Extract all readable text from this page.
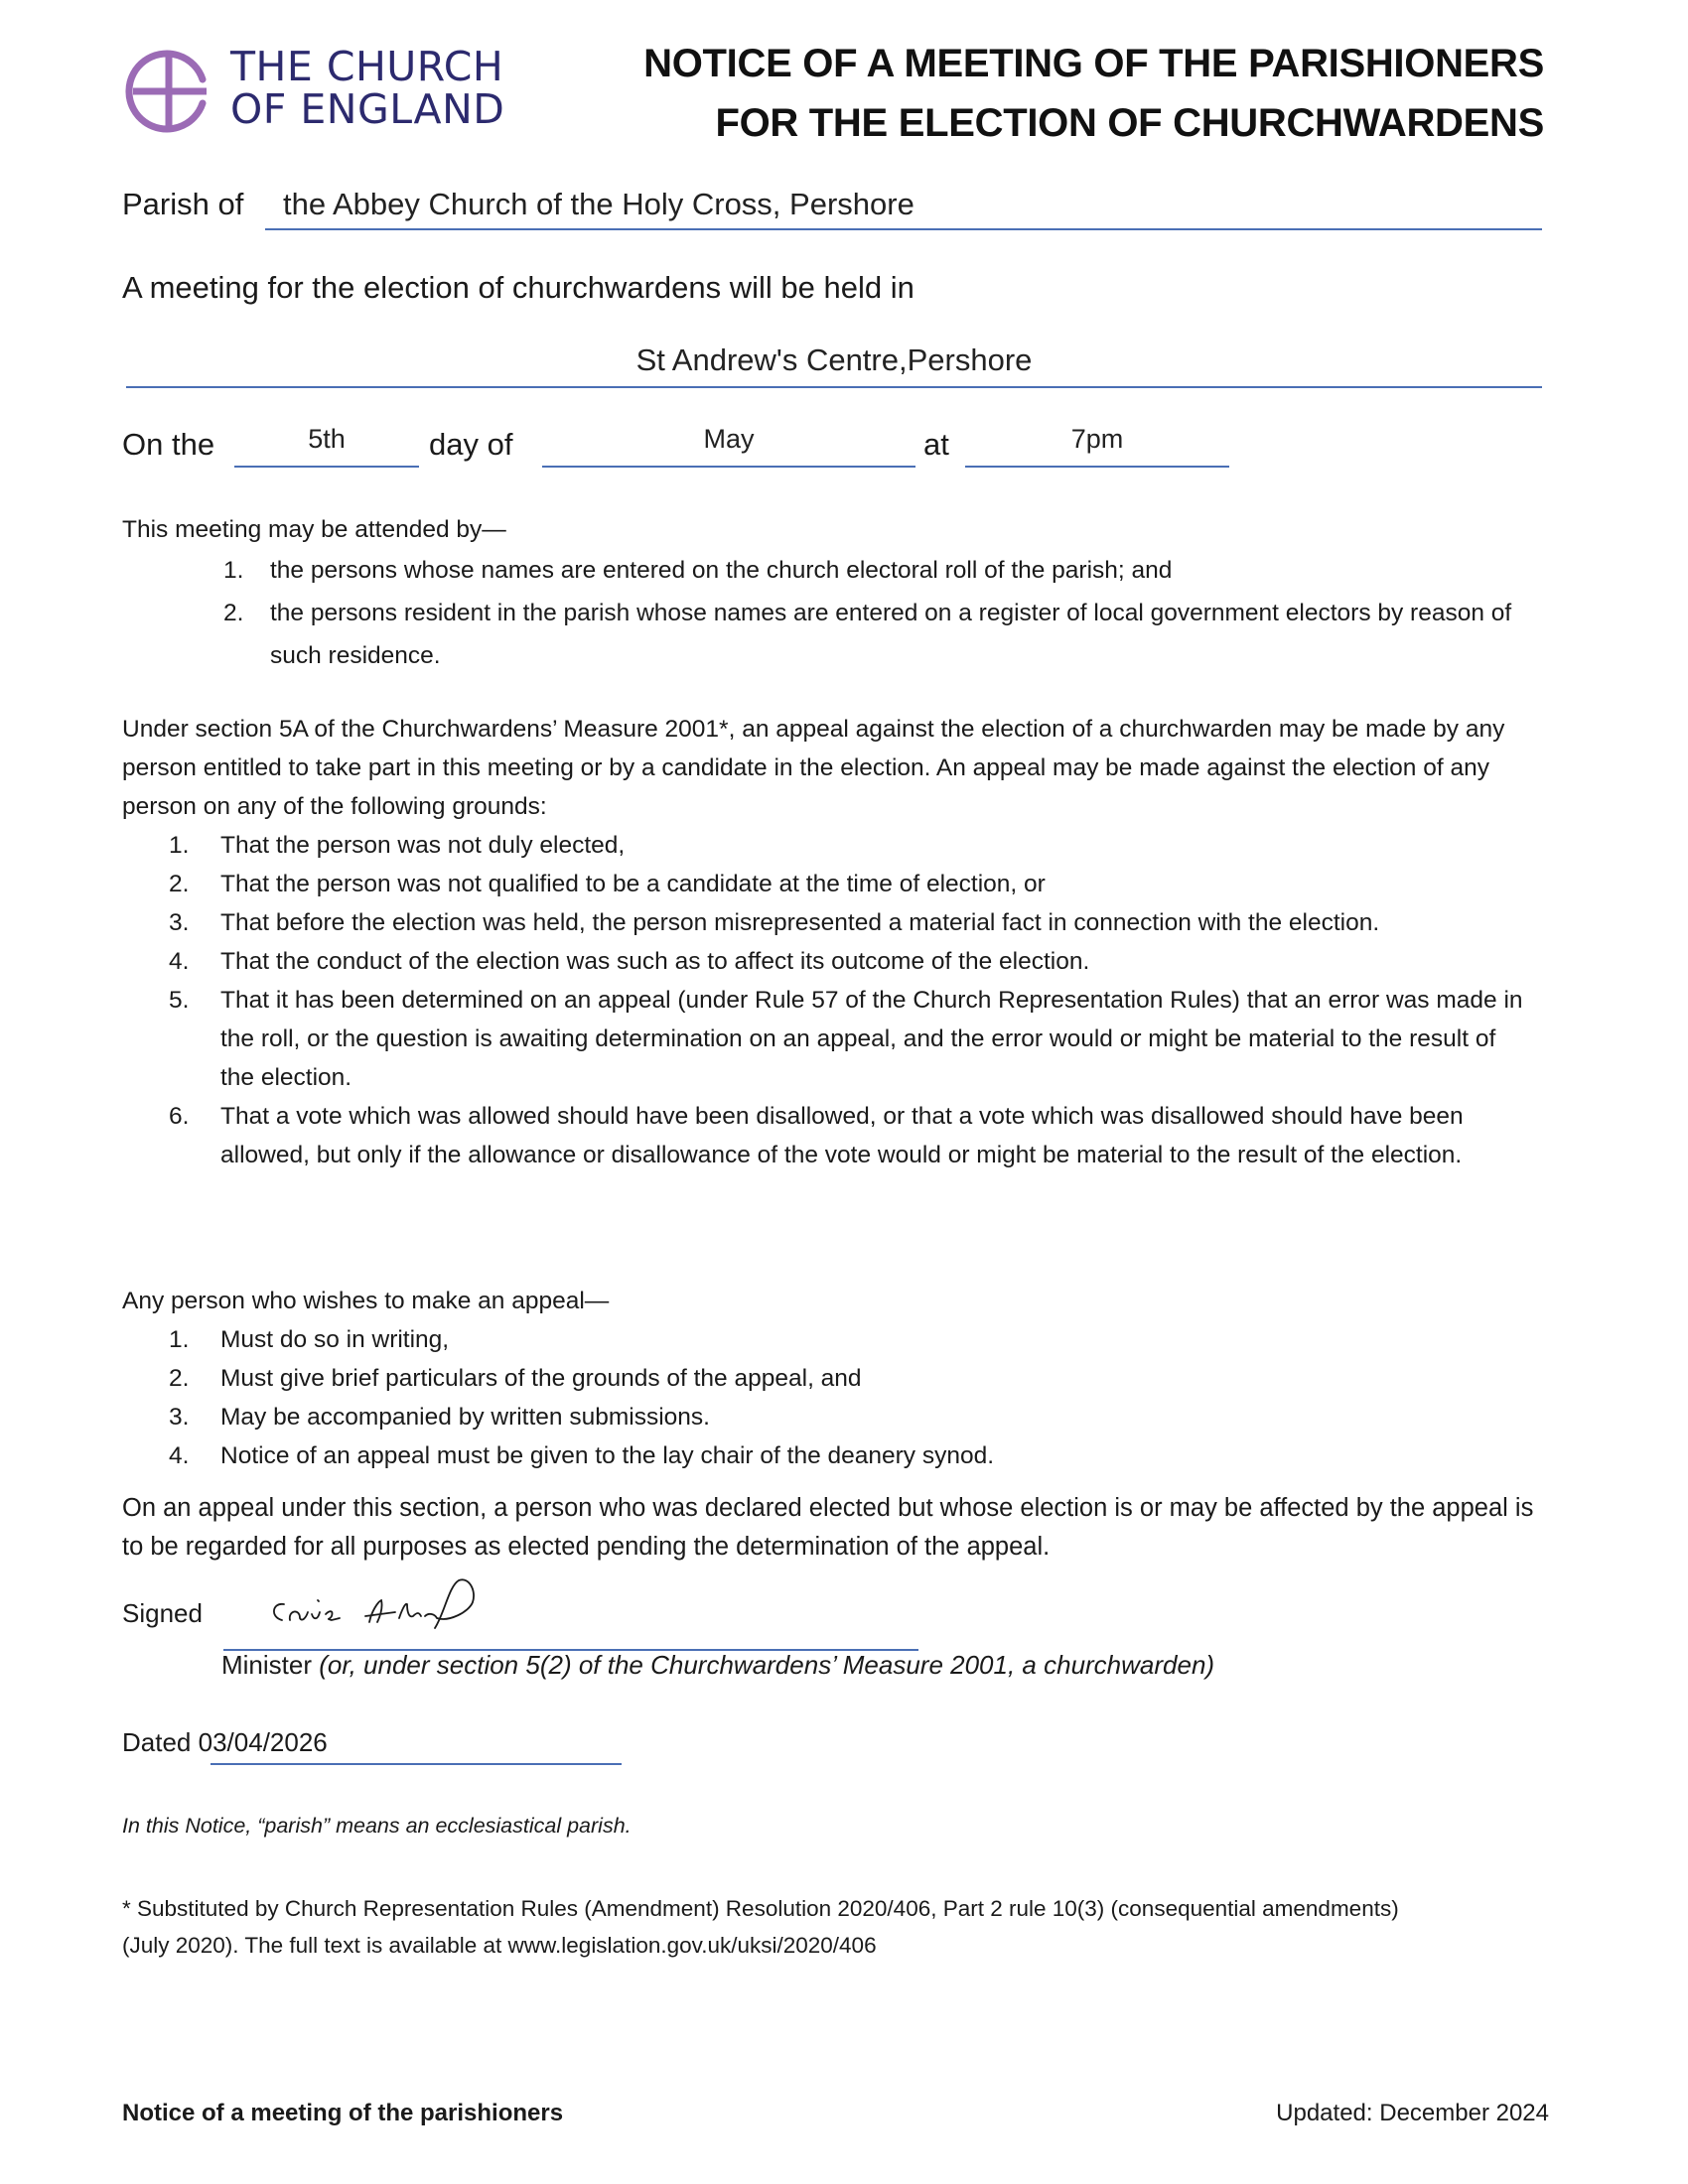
THE CHURCH
OF ENGLAND
NOTICE OF A MEETING OF THE PARISHIONERS
FOR THE ELECTION OF CHURCHWARDENS
Parish of the Abbey Church of the Holy Cross, Pershore
A meeting for the election of churchwardens will be held in
St Andrew's Centre,Pershore
On the	5th	day of	May	at	7pm
This meeting may be attended by—
1. the persons whose names are entered on the church electoral roll of the parish; and
2. the persons resident in the parish whose names are entered on a register of local government electors by reason of such residence.
Under section 5A of the Churchwardens’ Measure 2001*, an appeal against the election of a churchwarden may be made by any person entitled to take part in this meeting or by a candidate in the election. An appeal may be made against the election of any person on any of the following grounds:
1. That the person was not duly elected,
2. That the person was not qualified to be a candidate at the time of election, or
3. That before the election was held, the person misrepresented a material fact in connection with the election.
4. That the conduct of the election was such as to affect its outcome of the election.
5. That it has been determined on an appeal (under Rule 57 of the Church Representation Rules) that an error was made in the roll, or the question is awaiting determination on an appeal, and the error would or might be material to the result of the election.
6. That a vote which was allowed should have been disallowed, or that a vote which was disallowed should have been allowed, but only if the allowance or disallowance of the vote would or might be material to the result of the election.
Any person who wishes to make an appeal—
1. Must do so in writing,
2. Must give brief particulars of the grounds of the appeal, and
3. May be accompanied by written submissions.
4. Notice of an appeal must be given to the lay chair of the deanery synod.
On an appeal under this section, a person who was declared elected but whose election is or may be affected by the appeal is to be regarded for all purposes as elected pending the determination of the appeal.
Signed
Minister (or, under section 5(2) of the Churchwardens’ Measure 2001, a churchwarden)
Dated 03/04/2026
In this Notice, “parish” means an ecclesiastical parish.
* Substituted by Church Representation Rules (Amendment) Resolution 2020/406, Part 2 rule 10(3) (consequential amendments) (July 2020). The full text is available at www.legislation.gov.uk/uksi/2020/406
Notice of a meeting of the parishioners	Updated: December 2024
